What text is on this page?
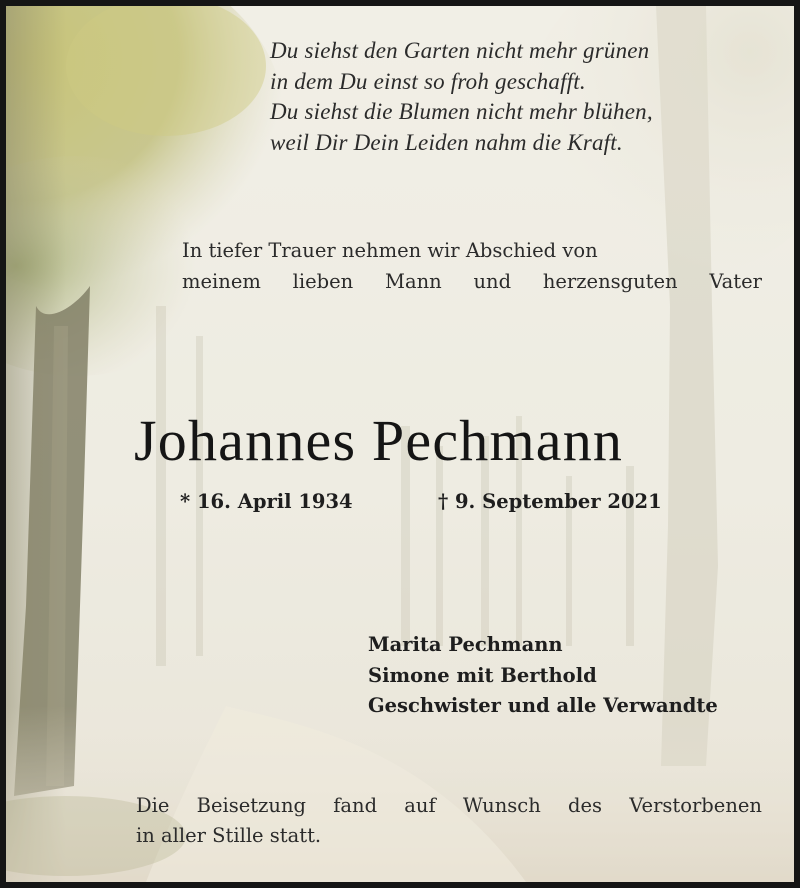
Du siehst den Garten nicht mehr grünen
in dem Du einst so froh geschafft.
Du siehst die Blumen nicht mehr blühen,
weil Dir Dein Leiden nahm die Kraft.
In tiefer Trauer nehmen wir Abschied von
meinem lieben Mann und herzensguten Vater
Johannes Pechmann
* 16. April 1934	† 9. September 2021
Marita Pechmann
Simone mit Berthold
Geschwister und alle Verwandte
Die Beisetzung fand auf Wunsch des Verstorbenen
in aller Stille statt.
